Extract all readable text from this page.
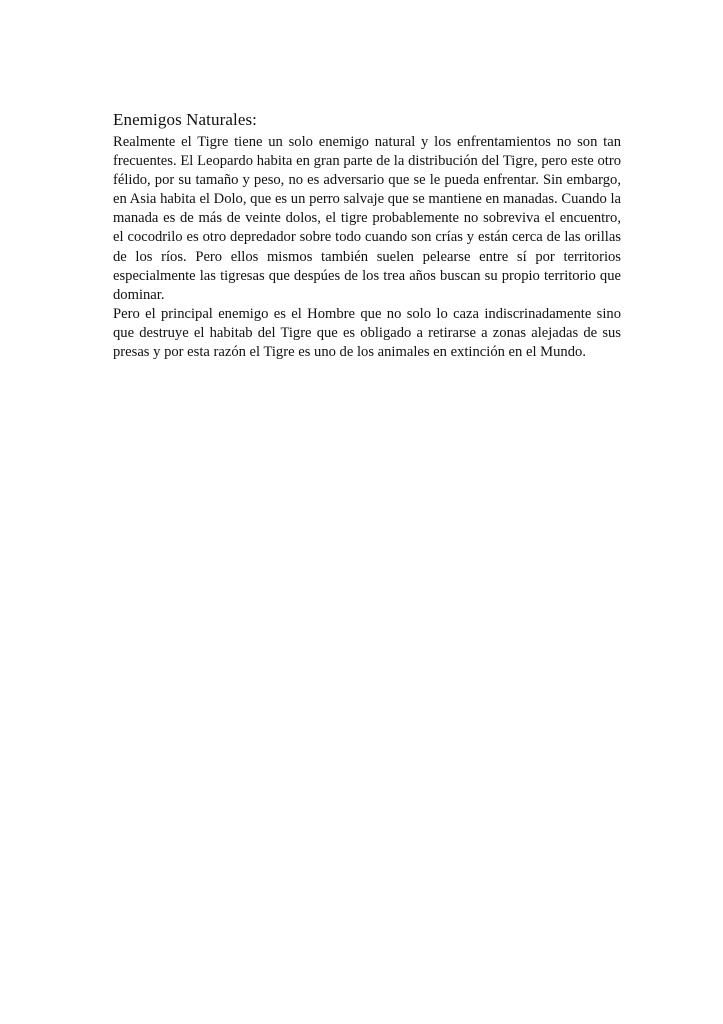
Enemigos Naturales:

Realmente el Tigre tiene un solo enemigo natural y los enfrentamientos no son tan frecuentes. El Leopardo habita en gran parte de la distribución del Tigre, pero este otro félido, por su tamaño y peso, no es adversario que se le pueda enfrentar. Sin embargo, en Asia habita el Dolo, que es un perro salvaje que se mantiene en manadas. Cuando la manada es de más de veinte dolos, el tigre probablemente no sobreviva el encuentro, el cocodrilo es otro depredador sobre todo cuando son crías y están cerca de las orillas de los ríos. Pero ellos mismos también suelen pelearse entre sí por territorios especialmente las tigresas que despúes de los trea años buscan su propio territorio que dominar.

Pero el principal enemigo es el Hombre que no solo lo caza indiscrinadamente sino que destruye el habitab del Tigre que es obligado a retirarse a zonas alejadas de sus presas y por esta razón el Tigre es uno de los animales en extinción en el Mundo.
